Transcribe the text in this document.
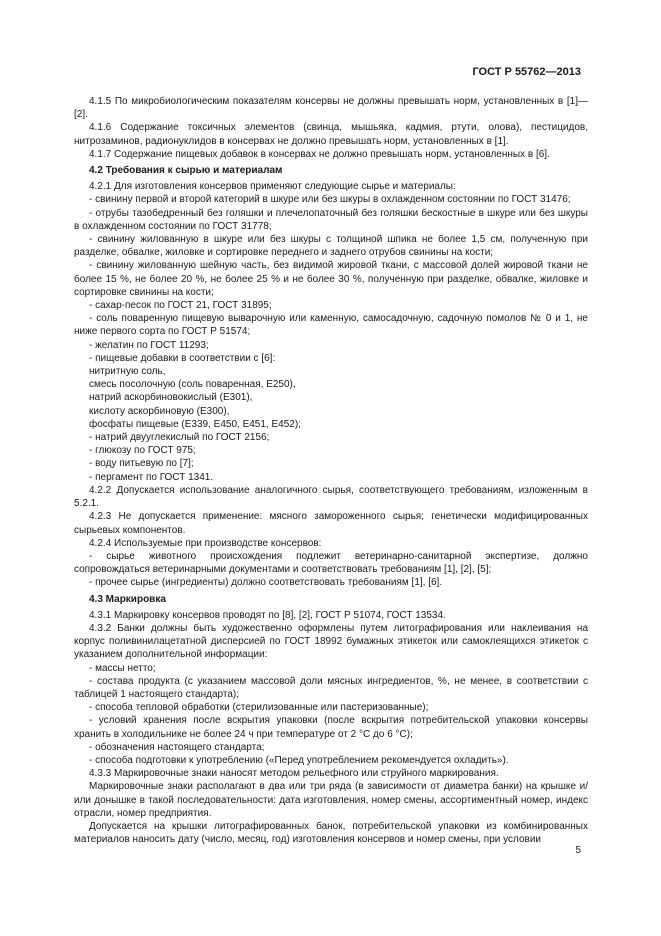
ГОСТ Р 55762—2013

4.1.5 По микробиологическим показателям консервы не должны превышать норм, установленных в [1]—[2].

4.1.6 Содержание токсичных элементов (свинца, мышьяка, кадмия, ртути, олова), пестицидов, нитрозаминов, радионуклидов в консервах не должно превышать норм, установленных в [1].

4.1.7 Содержание пищевых добавок в консервах не должно превышать норм, установленных в [6].

4.2 Требования к сырью и материалам

4.2.1 Для изготовления консервов применяют следующие сырье и материалы:

- свинину первой и второй категорий в шкуре или без шкуры в охлажденном состоянии по ГОСТ 31476;

- отрубы тазобедренный без голяшки и плечелопаточный без голяшки бескостные в шкуре или без шкуры в охлажденном состоянии по ГОСТ 31778;

- свинину жилованную в шкуре или без шкуры с толщиной шпика не более 1,5 см, полученную при разделке, обвалке, жиловке и сортировке переднего и заднего отрубов свинины на кости;

- свинину жилованную шейную часть, без видимой жировой ткани, с массовой долей жировой ткани не более 15 %, не более 20 %, не более 25 % и не более 30 %, полученную при разделке, обвалке, жиловке и сортировке свинины на кости;

- сахар-песок по ГОСТ 21, ГОСТ 31895;

- соль поваренную пищевую выварочную или каменную, самосадочную, садочную помолов № 0 и 1, не ниже первого сорта по ГОСТ Р 51574;

- желатин по ГОСТ 11293;

- пищевые добавки в соответствии с [6]:

нитритную соль,

смесь посолочную (соль поваренная, Е250),

натрий аскорбиновокислый (Е301),

кислоту аскорбиновую (Е300),

фосфаты пищевые (Е339, Е450, Е451, Е452);

- натрий двууглекислый по ГОСТ 2156;

- глюкозу по ГОСТ 975;

- воду питьевую по [7];

- пергамент по ГОСТ 1341.

4.2.2 Допускается использование аналогичного сырья, соответствующего требованиям, изложенным в 5.2.1.

4.2.3 Не допускается применение: мясного замороженного сырья; генетически модифицированных сырьевых компонентов.

4.2.4 Используемые при производстве консервов:

- сырье животного происхождения подлежит ветеринарно-санитарной экспертизе, должно сопровождаться ветеринарными документами и соответствовать требованиям [1], [2], [5];

- прочее сырье (ингредиенты) должно соответствовать требованиям [1], [6].

4.3 Маркировка

4.3.1 Маркировку консервов проводят по [8], [2], ГОСТ Р 51074, ГОСТ 13534.

4.3.2 Банки должны быть художественно оформлены путем литографирования или наклеивания на корпус поливинилацетатной дисперсией по ГОСТ 18992 бумажных этикеток или самоклеящихся этикеток с указанием дополнительной информации:

- массы нетто;

- состава продукта (с указанием массовой доли мясных ингредиентов, %, не менее, в соответствии с таблицей 1 настоящего стандарта);

- способа тепловой обработки (стерилизованные или пастеризованные);

- условий хранения после вскрытия упаковки (после вскрытия потребительской упаковки консервы хранить в холодильнике не более 24 ч при температуре от 2 °С до 6 °С);

- обозначения настоящего стандарта;

- способа подготовки к употреблению («Перед употреблением рекомендуется охладить»).

4.3.3 Маркировочные знаки наносят методом рельефного или струйного маркирования.

Маркировочные знаки располагают в два или три ряда (в зависимости от диаметра банки) на крышке и/или донышке в такой последовательности: дата изготовления, номер смены, ассортиментный номер, индекс отрасли, номер предприятия.

Допускается на крышки литографированных банок, потребительской упаковки из комбинированных материалов наносить дату (число, месяц, год) изготовления консервов и номер смены, при условии

5
